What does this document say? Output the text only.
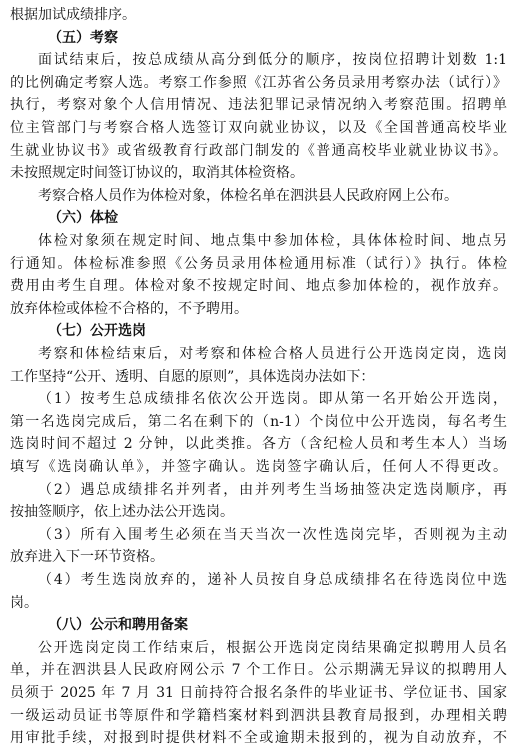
根据加试成绩排序。
（五）考察
面试结束后，按总成绩从高分到低分的顺序，按岗位招聘计划数 1:1
的比例确定考察人选。考察工作参照《江苏省公务员录用考察办法（试行）》
执行，考察对象个人信用情况、违法犯罪记录情况纳入考察范围。招聘单
位主管部门与考察合格人选签订双向就业协议，以及《全国普通高校毕业
生就业协议书》或省级教育行政部门制发的《普通高校毕业就业协议书》。
未按照规定时间签订协议的，取消其体检资格。
考察合格人员作为体检对象，体检名单在泗洪县人民政府网上公布。
（六）体检
体检对象须在规定时间、地点集中参加体检，具体体检时间、地点另
行通知。体检标准参照《公务员录用体检通用标准（试行）》执行。体检
费用由考生自理。体检对象不按规定时间、地点参加体检的，视作放弃。
放弃体检或体检不合格的，不予聘用。
（七）公开选岗
考察和体检结束后，对考察和体检合格人员进行公开选岗定岗，选岗
工作坚持“公开、透明、自愿的原则”，具体选岗办法如下：
（1）按考生总成绩排名依次公开选岗。即从第一名开始公开选岗，
第一名选岗完成后，第二名在剩下的（n-1）个岗位中公开选岗，每名考生
选岗时间不超过 2 分钟，以此类推。各方（含纪检人员和考生本人）当场
填写《选岗确认单》，并签字确认。选岗签字确认后，任何人不得更改。
（2）遇总成绩排名并列者，由并列考生当场抽签决定选岗顺序，再
按抽签顺序，依上述办法公开选岗。
（3）所有入围考生必须在当天当次一次性选岗完毕，否则视为主动
放弃进入下一环节资格。
（4）考生选岗放弃的，递补人员按自身总成绩排名在待选岗位中选
岗。
（八）公示和聘用备案
公开选岗定岗工作结束后，根据公开选岗定岗结果确定拟聘用人员名
单，并在泗洪县人民政府网公示 7 个工作日。公示期满无异议的拟聘用人
员须于 2025 年 7 月 31 日前持符合报名条件的毕业证书、学位证书、国家
一级运动员证书等原件和学籍档案材料到泗洪县教育局报到，办理相关聘
用审批手续，对报到时提供材料不全或逾期未报到的，视为自动放弃，不
